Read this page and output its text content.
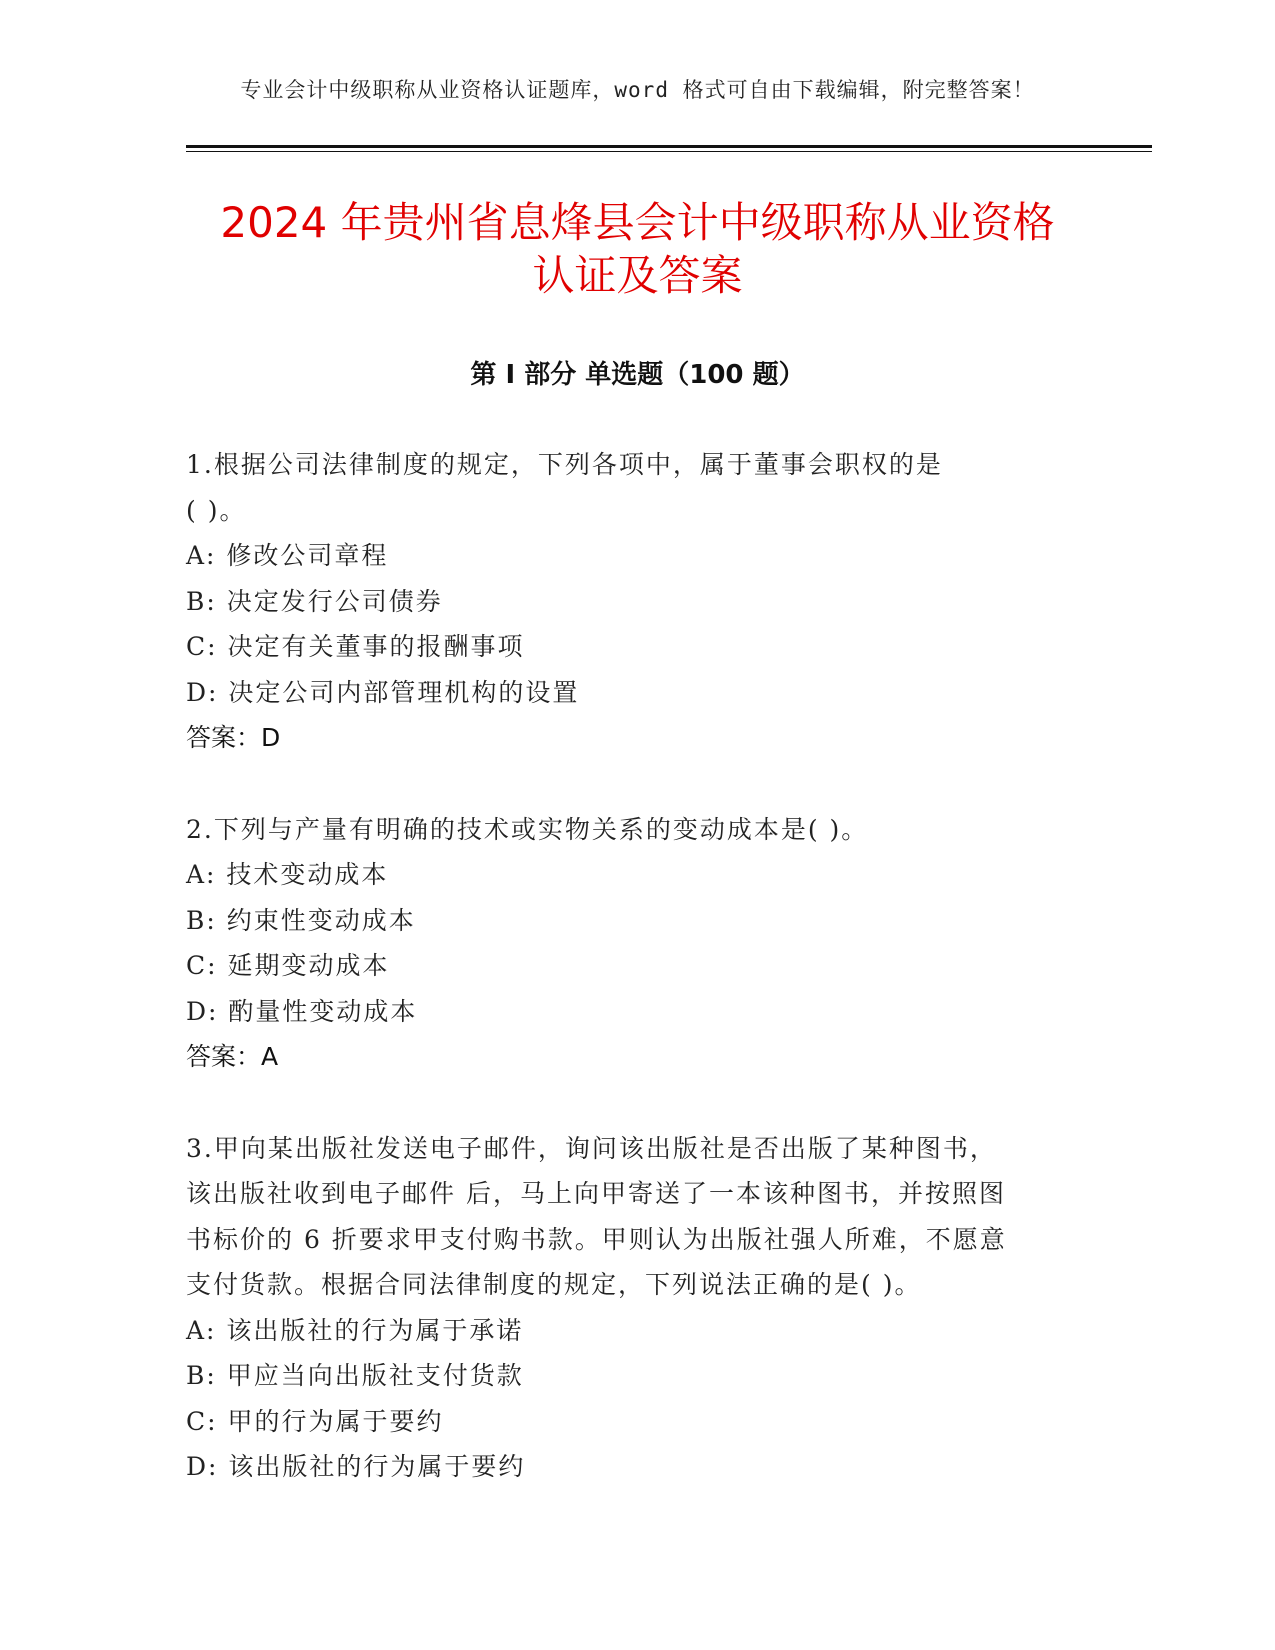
专业会计中级职称从业资格认证题库，word 格式可自由下载编辑，附完整答案！
2024 年贵州省息烽县会计中级职称从业资格
认证及答案
第 I 部分 单选题（100 题）

1.根据公司法律制度的规定，下列各项中，属于董事会职权的是

( )。

A: 修改公司章程

B: 决定发行公司债券

C: 决定有关董事的报酬事项

D: 决定公司内部管理机构的设置

答案：D

2.下列与产量有明确的技术或实物关系的变动成本是( )。

A: 技术变动成本

B: 约束性变动成本

C: 延期变动成本

D: 酌量性变动成本

答案：A

3.甲向某出版社发送电子邮件，询问该出版社是否出版了某种图书，

该出版社收到电子邮件 后，马上向甲寄送了一本该种图书，并按照图

书标价的 6 折要求甲支付购书款。甲则认为出版社强人所难，不愿意

支付货款。根据合同法律制度的规定，下列说法正确的是( )。

A: 该出版社的行为属于承诺

B: 甲应当向出版社支付货款

C: 甲的行为属于要约

D: 该出版社的行为属于要约
